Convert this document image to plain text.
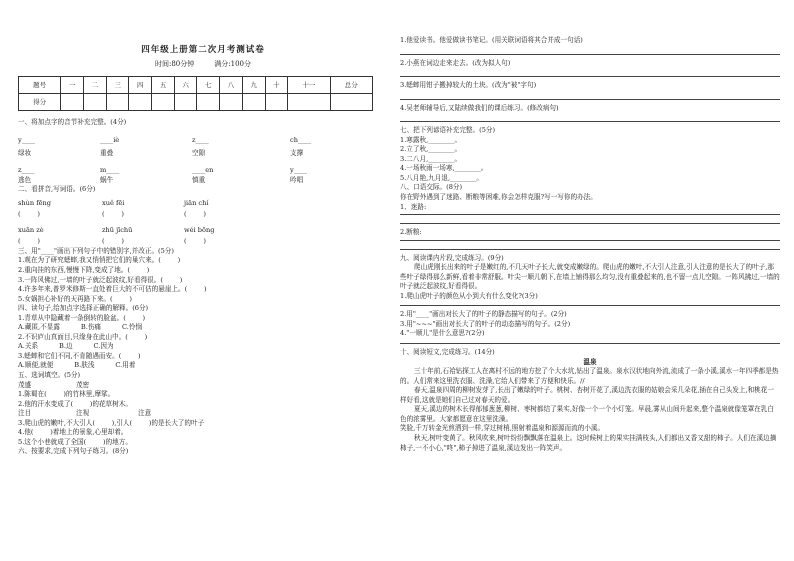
四年级上册第二次月考测试卷
时间:80分钟	满分:100分
题号	一	二	三	四	五	六	七	八	九	十	十一	总分
得分												
一、将加点字的音节补充完整。(4分)
y____	____iè	z____	ch____
绿妆	重叠	空隙	支撑
z____	m____	____en	y____
逃色	蜗牛	慎重	吟唱
二、看拼音,写词语。(6分)
shùn fēng	xuě fēi	jiān chí
(        )	(        )	(        )
xuān zè	zhū jīchū	wéi bōng
(        )	(        )	(        )
三、用"____"画出下列句子中的错别字,并改正。(5分)
1.观在为了研究蟋蟀,我又悄悄把它们的巢穴来。(        )
2.重向挂的东西,慢慢下降,变成了地。(        )
3.一阵风佛过,一墙的叶子就泛起波纹,好看得很。(        )
4.许多年来,普罗米修斯一直处着巨大的不可估的悬崖上。(        )
5.女娲担心补好的天再路下来。(        )
四、读句子,给加点字选择正确的解释。(6分)
1.青草从中隐藏着一条倒转的脸盆。(        )
A.藏匿,不显露          B.伤痛          C.怜悯
2.不识庐山真面目,只缘身在此山中。(        )
A.关系          B.边          C.因为
3.蟋蟀和它们不同,不肯随遇而安。(        )
A.顺便,就便          B.肤浅          C.用着
五、选词填空。(5分)
茂盛	茂密
1.陈蜀在(        )的竹林里,摩挲。
2.他的汗水变成了(        )的花草树木。
注目	注视	注意
3.爬山虎的嫩叶,不大引人(        ),引人(        )的是长大了的叶子
4.他(        )着地上的景象,心里却着。
5.这个小巷就成了全国(        )的地方。
六、按要求,完成下列句子练习。(8分)
1.他爱读书。他爱做读书笔记。(用关联词语将其合并成一句话)
2.小燕在词边走来走去。(改为拟人句)
3.蟋蟀用钳子搬掉较大的土块。(改为"被"字句)
4.吴老师辅导后,又陆续做我们的课后练习。(修改病句)
七、把下列谚语补充完整。(5分)
1.寒露秋,________。
2.立了秋,________。
3.二八月,________。
4.一场秋雨一场寒,________。
5.八月艳,九月退,________。
八、口语交际。(8分)
你在野外遇到了迷路、断粮等困难,你会怎样克服?写一写你的办法。
1、迷路:
2.断粮:
九、阅读课内片段,完成练习。(9分)
爬山虎刚长出来的叶子是嫩红的,不几天叶子长大,就变成嫩绿的。爬山虎的嫩叶,不大引人注意,引人注意的是长大了的叶子,那些叶子绿得那么新鲜,看着非常舒服。叶尖一顺儿朝下,在墙上铺得那么均匀,没有重叠起来的,也不留一点儿空隙。一阵风拂过,一墙的叶子就泛起波纹,好看得很。
1.爬山虎叶子的颜色从小到大有什么变化?(3分)
2.用"____"画出对长大了的叶子的静态描写的句子。(2分)
3.用"~~~"画出对长大了的叶子的动态描写的句子。(2分)
4."一顺儿"是什么意思?(2分)
十、阅读短文,完成练习。(14分)
温泉
三十年前,石袷钻探工人在离村不远的地方挖了个大水坑,钻出了温泉。泉水汉状地向外流,流成了一条小溪,溪水一年四季都是热的。人们常来这里洗衣服、洗澡,它给人们带来了方便和快乐。//
春天,温泉四周的柳树发芽了,长出了嫩绿的叶子。桃树、杏树开花了,溪边洗衣服的姑娘会采几朵花,插在自己头发上,和桃花一样好看,这就是她们自己过对春天的爱。
夏天,溪边的树木长得郁郁葱葱,柳树、枣树都结了果实,好像一个一个小灯笼。早晨,雾从山间升起来,整个温泉就像笼罩在乳白色的浓雾里。大家都愿意在这里洗澡。
笑脸,千万转金光煎洒到一样,穿过树梢,照射着温泉和源源而流的小溪。
秋天,树叶变黄了。秋风吹来,树叶纷纷飘飘落在温泉上。这时候树上的果实挂满枝头,人们都出又香又甜的柿子。人们在溪边摘柿子,一不小心,"咚",柿子掉进了温泉,溪边发出一阵笑声。
